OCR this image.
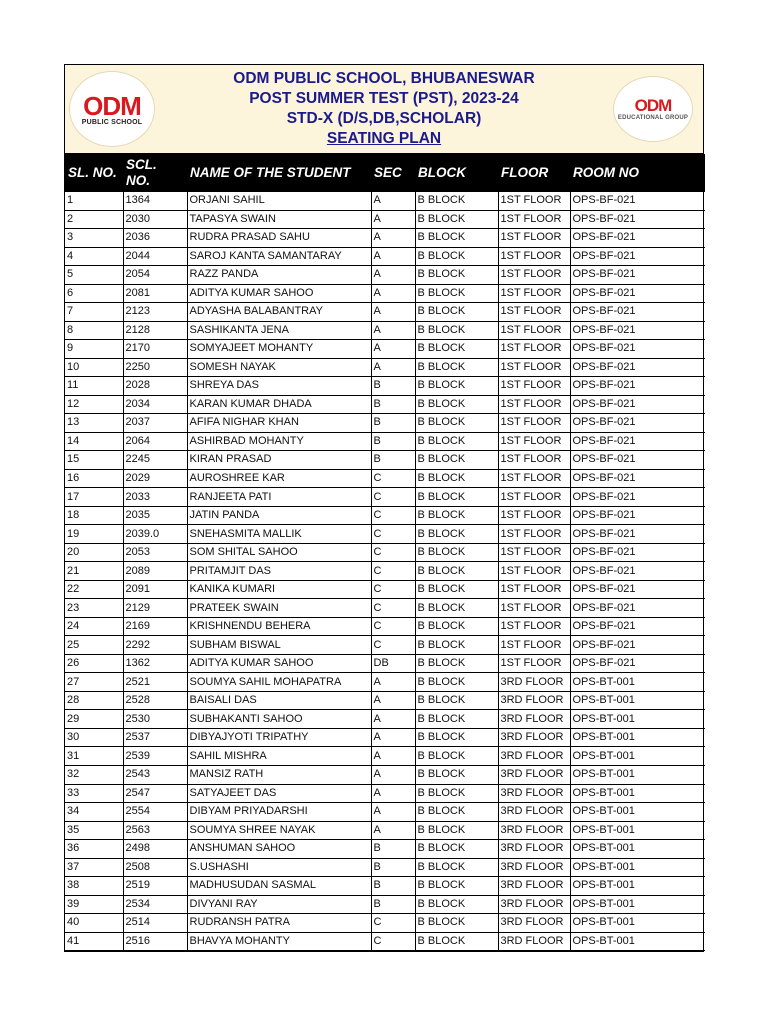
ODM
PUBLIC SCHOOL
ODM PUBLIC SCHOOL, BHUBANESWAR
POST SUMMER TEST (PST), 2023-24
STD-X (D/S,DB,SCHOLAR)
SEATING PLAN
ODM
EDUCATIONAL GROUP
SL. NO.	SCL. NO.	NAME OF THE STUDENT	SEC	BLOCK	FLOOR	ROOM NO
1	1364	ORJANI SAHIL	A	B BLOCK	1ST FLOOR	OPS-BF-021
2	2030	TAPASYA SWAIN	A	B BLOCK	1ST FLOOR	OPS-BF-021
3	2036	RUDRA PRASAD SAHU	A	B BLOCK	1ST FLOOR	OPS-BF-021
4	2044	SAROJ KANTA SAMANTARAY	A	B BLOCK	1ST FLOOR	OPS-BF-021
5	2054	RAZZ PANDA	A	B BLOCK	1ST FLOOR	OPS-BF-021
6	2081	ADITYA KUMAR SAHOO	A	B BLOCK	1ST FLOOR	OPS-BF-021
7	2123	ADYASHA BALABANTRAY	A	B BLOCK	1ST FLOOR	OPS-BF-021
8	2128	SASHIKANTA JENA	A	B BLOCK	1ST FLOOR	OPS-BF-021
9	2170	SOMYAJEET MOHANTY	A	B BLOCK	1ST FLOOR	OPS-BF-021
10	2250	SOMESH NAYAK	A	B BLOCK	1ST FLOOR	OPS-BF-021
11	2028	SHREYA DAS	B	B BLOCK	1ST FLOOR	OPS-BF-021
12	2034	KARAN KUMAR DHADA	B	B BLOCK	1ST FLOOR	OPS-BF-021
13	2037	AFIFA NIGHAR KHAN	B	B BLOCK	1ST FLOOR	OPS-BF-021
14	2064	ASHIRBAD MOHANTY	B	B BLOCK	1ST FLOOR	OPS-BF-021
15	2245	KIRAN PRASAD	B	B BLOCK	1ST FLOOR	OPS-BF-021
16	2029	AUROSHREE KAR	C	B BLOCK	1ST FLOOR	OPS-BF-021
17	2033	RANJEETA PATI	C	B BLOCK	1ST FLOOR	OPS-BF-021
18	2035	JATIN PANDA	C	B BLOCK	1ST FLOOR	OPS-BF-021
19	2039.0	SNEHASMITA MALLIK	C	B BLOCK	1ST FLOOR	OPS-BF-021
20	2053	SOM SHITAL SAHOO	C	B BLOCK	1ST FLOOR	OPS-BF-021
21	2089	PRITAMJIT DAS	C	B BLOCK	1ST FLOOR	OPS-BF-021
22	2091	KANIKA KUMARI	C	B BLOCK	1ST FLOOR	OPS-BF-021
23	2129	PRATEEK SWAIN	C	B BLOCK	1ST FLOOR	OPS-BF-021
24	2169	KRISHNENDU BEHERA	C	B BLOCK	1ST FLOOR	OPS-BF-021
25	2292	SUBHAM BISWAL	C	B BLOCK	1ST FLOOR	OPS-BF-021
26	1362	ADITYA KUMAR SAHOO	DB	B BLOCK	1ST FLOOR	OPS-BF-021
27	2521	SOUMYA SAHIL MOHAPATRA	A	B BLOCK	3RD FLOOR	OPS-BT-001
28	2528	BAISALI DAS	A	B BLOCK	3RD FLOOR	OPS-BT-001
29	2530	SUBHAKANTI SAHOO	A	B BLOCK	3RD FLOOR	OPS-BT-001
30	2537	DIBYAJYOTI TRIPATHY	A	B BLOCK	3RD FLOOR	OPS-BT-001
31	2539	SAHIL MISHRA	A	B BLOCK	3RD FLOOR	OPS-BT-001
32	2543	MANSIZ RATH	A	B BLOCK	3RD FLOOR	OPS-BT-001
33	2547	SATYAJEET DAS	A	B BLOCK	3RD FLOOR	OPS-BT-001
34	2554	DIBYAM PRIYADARSHI	A	B BLOCK	3RD FLOOR	OPS-BT-001
35	2563	SOUMYA SHREE NAYAK	A	B BLOCK	3RD FLOOR	OPS-BT-001
36	2498	ANSHUMAN SAHOO	B	B BLOCK	3RD FLOOR	OPS-BT-001
37	2508	S.USHASHI	B	B BLOCK	3RD FLOOR	OPS-BT-001
38	2519	MADHUSUDAN SASMAL	B	B BLOCK	3RD FLOOR	OPS-BT-001
39	2534	DIVYANI RAY	B	B BLOCK	3RD FLOOR	OPS-BT-001
40	2514	RUDRANSH PATRA	C	B BLOCK	3RD FLOOR	OPS-BT-001
41	2516	BHAVYA MOHANTY	C	B BLOCK	3RD FLOOR	OPS-BT-001
